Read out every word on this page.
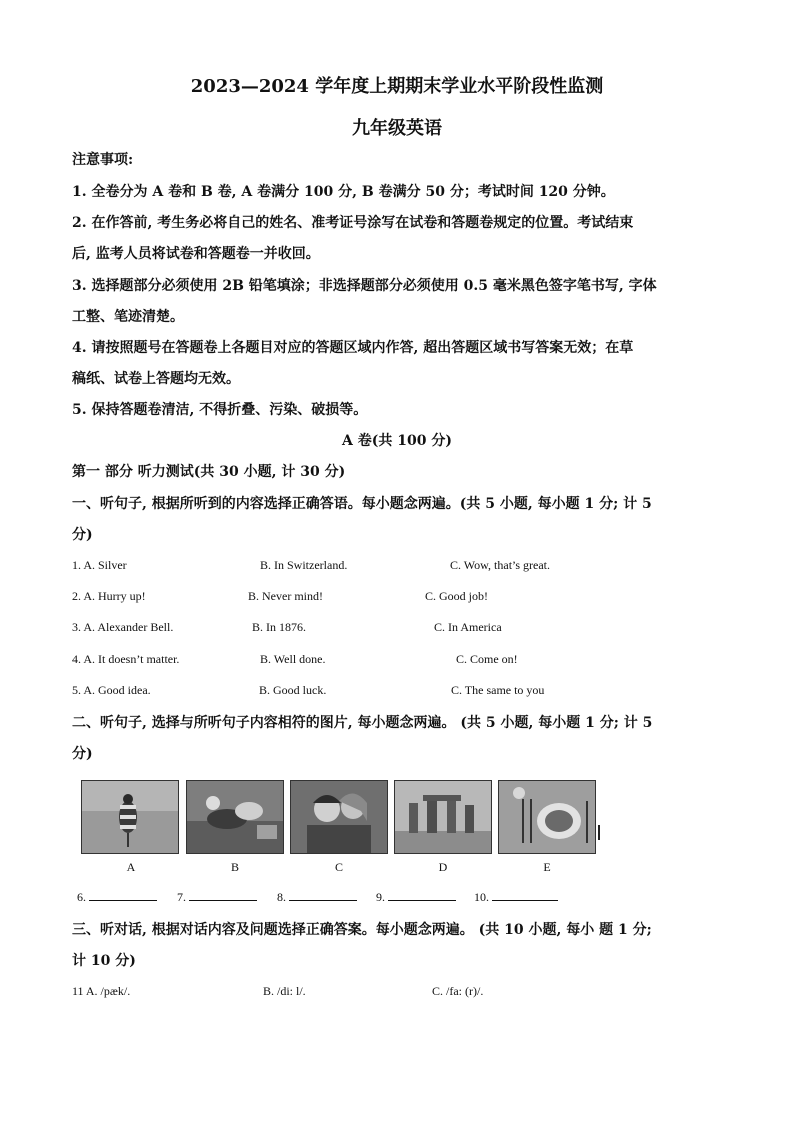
2023—2024 学年度上期期末学业水平阶段性监测
九年级英语
注意事项:
1. 全卷分为 A 卷和 B 卷, A 卷满分 100 分, B 卷满分 50 分；考试时间 120 分钟。
2. 在作答前, 考生务必将自己的姓名、准考证号涂写在试卷和答题卷规定的位置。考试结束
后, 监考人员将试卷和答题卷一并收回。
3. 选择题部分必须使用 2B 铅笔填涂；非选择题部分必须使用 0.5 毫米黑色签字笔书写, 字体
工整、笔迹清楚。
4. 请按照题号在答题卷上各题目对应的答题区域内作答, 超出答题区域书写答案无效；在草
稿纸、试卷上答题均无效。
5. 保持答题卷清洁, 不得折叠、污染、破损等。
A 卷(共 100 分)
第一 部分 听力测试(共 30 小题, 计 30 分)
一、听句子, 根据所听到的内容选择正确答语。每小题念两遍。(共 5 小题, 每小题 1 分; 计 5
分)
1. A. Silver	B. In Switzerland.	C. Wow, that’s great.
2. A. Hurry up!	B. Never mind!	C. Good job!
3. A. Alexander Bell.	B. In 1876.	C. In America
4. A. It doesn’t matter.	B. Well done.	C. Come on!
5. A. Good idea.	B. Good luck.	C. The same to you
二、听句子, 选择与所听句子内容相符的图片, 每小题念两遍。 (共 5 小题, 每小题 1 分; 计 5
分)
A	B	C	D	E
6.	7.	8.	9.	10.
三、听对话, 根据对话内容及问题选择正确答案。每小题念两遍。 (共 10 小题, 每小 题 1 分;
计 10 分)
11 A. /pæk/.	B. /di: l/.	C. /fa: (r)/.
